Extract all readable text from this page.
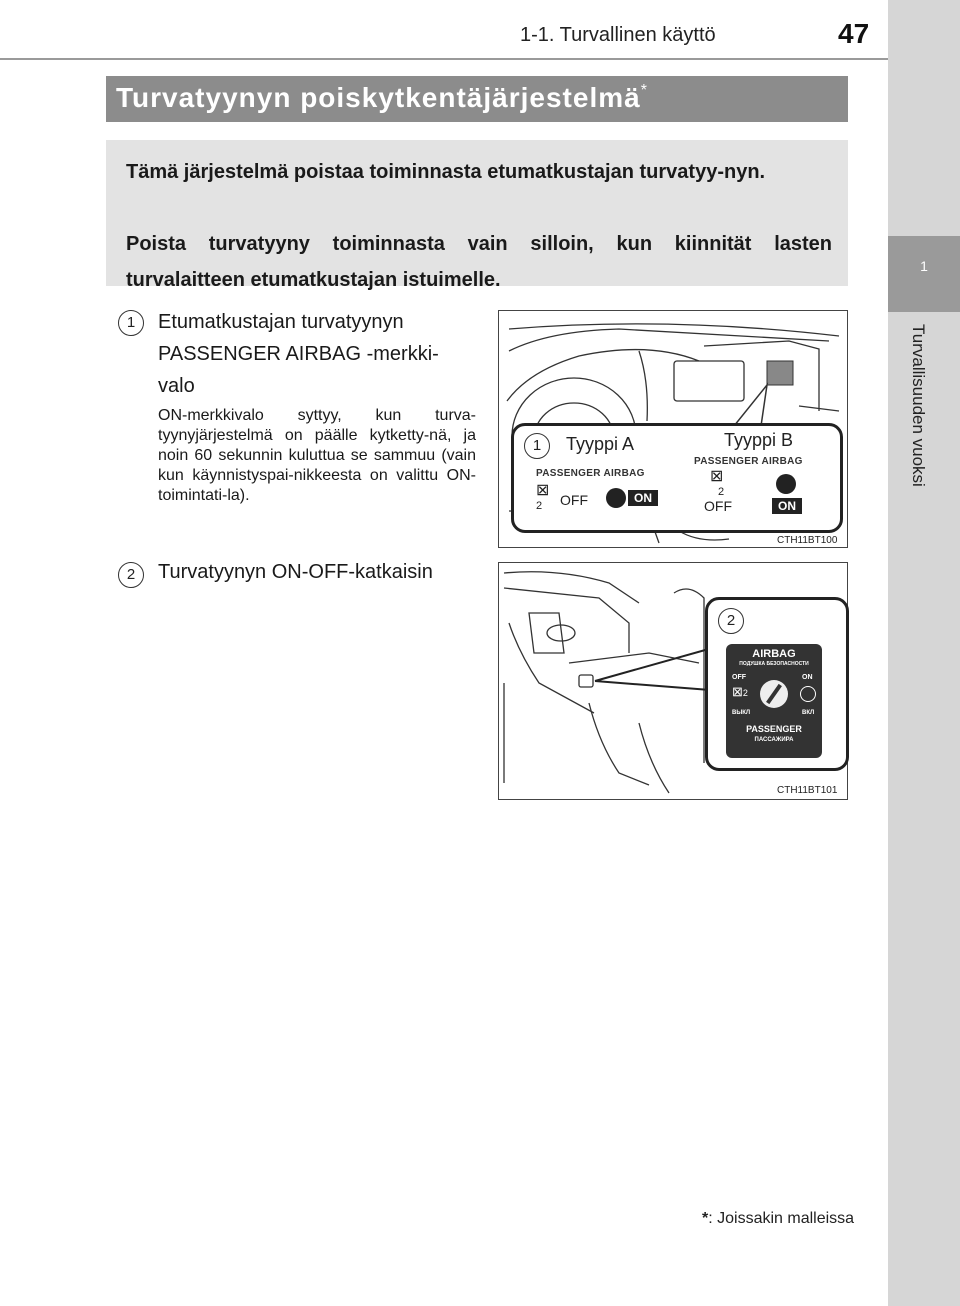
1
Turvallisuuden vuoksi
1-1. Turvallinen käyttö	47
Turvatyynyn poiskytkentäjärjestelmä*

Tämä järjestelmä poistaa toiminnasta etumatkustajan turvatyy-nyn.

Poista turvatyyny toiminnasta vain silloin, kun kiinnität lasten turvalaitteen etumatkustajan istuimelle.

1	Etumatkustajan turvatyynyn
PASSENGER AIRBAG -merkki-
valo
ON-merkkivalo syttyy, kun turva-tyynyjärjestelmä on päälle kytketty-nä, ja noin 60 sekunnin kuluttua se sammuu (vain kun käynnistyspai-nikkeesta on valittu ON-toimintati-la).
2	Turvatyynyn ON-OFF-katkaisin
1	Tyyppi A	Tyyppi B
PASSENGER AIRBAG
⊠
2	OFF	ON
PASSENGER AIRBAG
⊠
2
OFF	ON
CTH11BT100
2
AIRBAG
ПОДУШКА БЕЗОПАСНОСТИ
OFF	ON
⊠2
ВЫКЛ	ВКЛ
PASSENGER
ПАССАЖИРА
CTH11BT101
*: Joissakin malleissa
